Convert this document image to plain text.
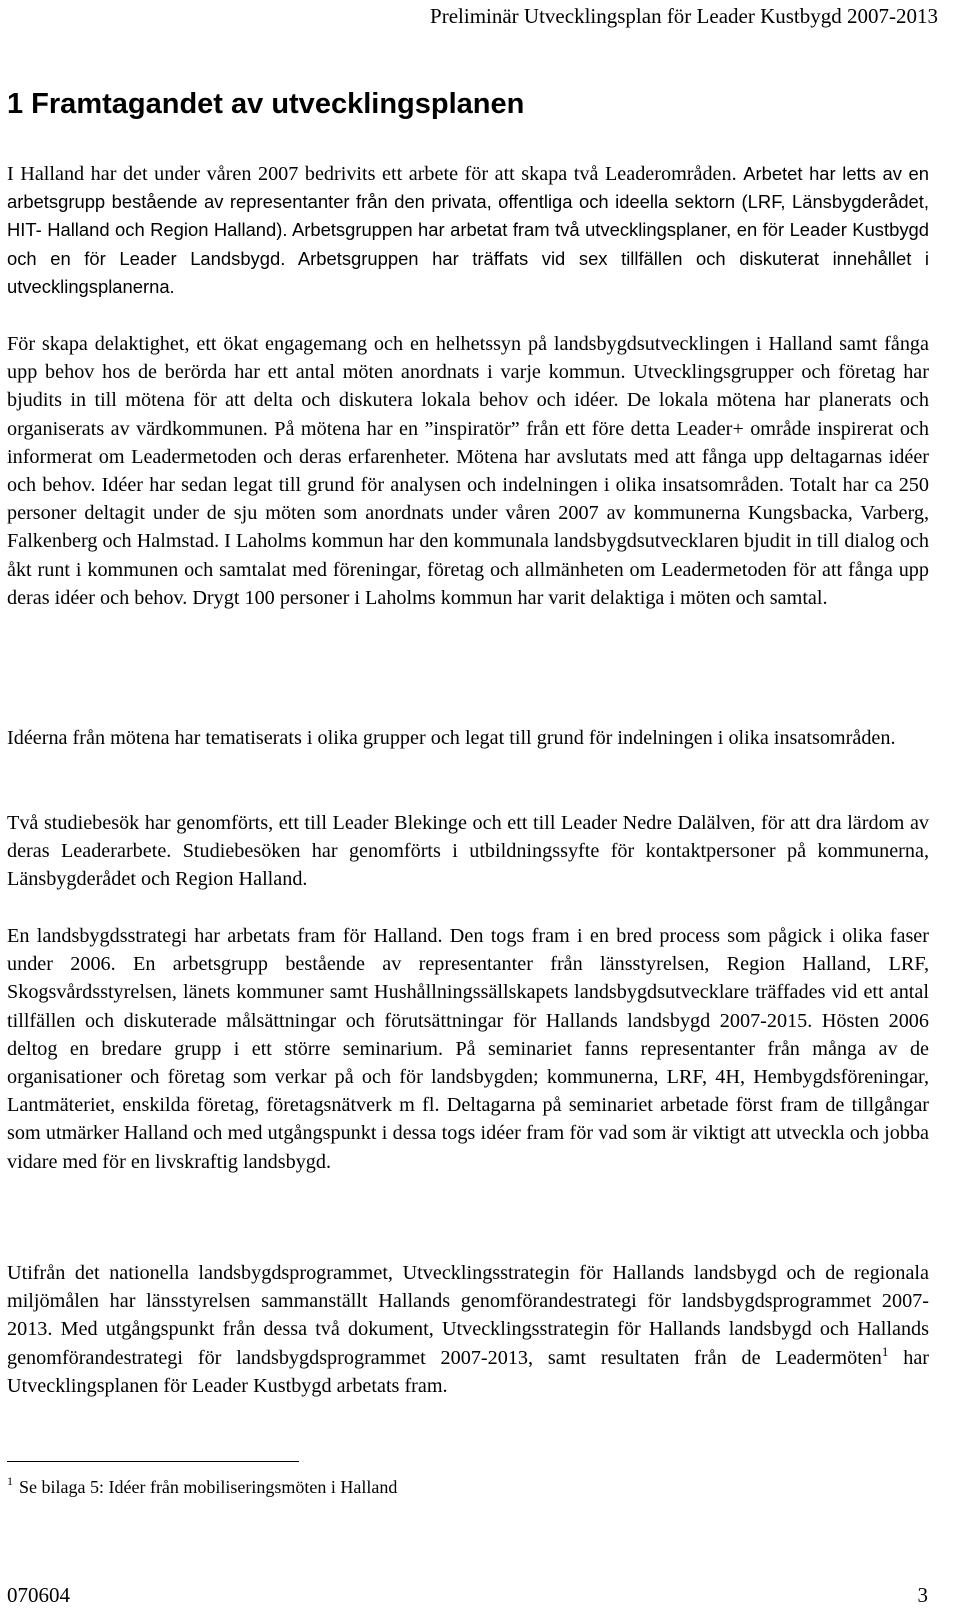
Preliminär Utvecklingsplan för Leader Kustbygd 2007-2013
1 Framtagandet av utvecklingsplanen

I Halland har det under våren 2007 bedrivits ett arbete för att skapa två Leaderområden. Arbetet har letts av en arbetsgrupp bestående av representanter från den privata, offentliga och ideella sektorn (LRF, Länsbygderådet, HIT- Halland och Region Halland). Arbetsgruppen har arbetat fram två utvecklingsplaner, en för Leader Kustbygd och en för Leader Landsbygd. Arbetsgruppen har träffats vid sex tillfällen och diskuterat innehållet i utvecklingsplanerna.

För skapa delaktighet, ett ökat engagemang och en helhetssyn på landsbygdsutvecklingen i Halland samt fånga upp behov hos de berörda har ett antal möten anordnats i varje kommun. Utvecklingsgrupper och företag har bjudits in till mötena för att delta och diskutera lokala behov och idéer. De lokala mötena har planerats och organiserats av värdkommunen. På mötena har en ”inspiratör” från ett före detta Leader+ område inspirerat och informerat om Leadermetoden och deras erfarenheter. Mötena har avslutats med att fånga upp deltagarnas idéer och behov. Idéer har sedan legat till grund för analysen och indelningen i olika insatsområden. Totalt har ca 250 personer deltagit under de sju möten som anordnats under våren 2007 av kommunerna Kungsbacka, Varberg, Falkenberg och Halmstad. I Laholms kommun har den kommunala landsbygdsutvecklaren bjudit in till dialog och åkt runt i kommunen och samtalat med föreningar, företag och allmänheten om Leadermetoden för att fånga upp deras idéer och behov. Drygt 100 personer i Laholms kommun har varit delaktiga i möten och samtal.

Idéerna från mötena har tematiserats i olika grupper och legat till grund för indelningen i olika insatsområden.

Två studiebesök har genomförts, ett till Leader Blekinge och ett till Leader Nedre Dalälven, för att dra lärdom av deras Leaderarbete. Studiebesöken har genomförts i utbildningssyfte för kontaktpersoner på kommunerna, Länsbygderådet och Region Halland.

En landsbygdsstrategi har arbetats fram för Halland. Den togs fram i en bred process som pågick i olika faser under 2006. En arbetsgrupp bestående av representanter från länsstyrelsen, Region Halland, LRF, Skogsvårdsstyrelsen, länets kommuner samt Hushållningssällskapets landsbygdsutvecklare träffades vid ett antal tillfällen och diskuterade målsättningar och förutsättningar för Hallands landsbygd 2007-2015. Hösten 2006 deltog en bredare grupp i ett större seminarium. På seminariet fanns representanter från många av de organisationer och företag som verkar på och för landsbygden; kommunerna, LRF, 4H, Hembygdsföreningar, Lantmäteriet, enskilda företag, företagsnätverk m fl. Deltagarna på seminariet arbetade först fram de tillgångar som utmärker Halland och med utgångspunkt i dessa togs idéer fram för vad som är viktigt att utveckla och jobba vidare med för en livskraftig landsbygd.

Utifrån det nationella landsbygdsprogrammet, Utvecklingsstrategin för Hallands landsbygd och de regionala miljömålen har länsstyrelsen sammanställt Hallands genomförandestrategi för landsbygdsprogrammet 2007-2013. Med utgångspunkt från dessa två dokument, Utvecklingsstrategin för Hallands landsbygd och Hallands genomförandestrategi för landsbygdsprogrammet 2007-2013, samt resultaten från de Leadermöten$^1$ har Utvecklingsplanen för Leader Kustbygd arbetats fram.

$^1$ Se bilaga 5: Idéer från mobiliseringsmöten i Halland

070604	3
